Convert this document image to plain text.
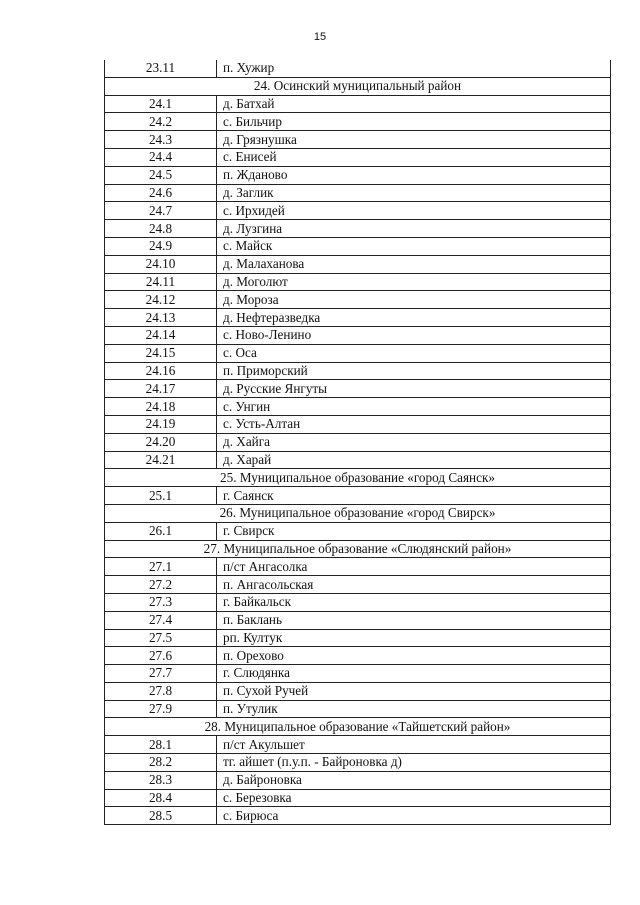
15
23.11	п. Хужир
24. Осинский муниципальный район	
24.1	д. Батхай
24.2	с. Бильчир
24.3	д. Грязнушка
24.4	с. Енисей
24.5	п. Жданово
24.6	д. Заглик
24.7	с. Ирхидей
24.8	д. Лузгина
24.9	с. Майск
24.10	д. Малаханова
24.11	д. Моголют
24.12	д. Мороза
24.13	д. Нефтеразведка
24.14	с. Ново-Ленино
24.15	с. Оса
24.16	п. Приморский
24.17	д. Русские Янгуты
24.18	с. Унгин
24.19	с. Усть-Алтан
24.20	д. Хайга
24.21	д. Харай
25. Муниципальное образование «город Саянск»	
25.1	г. Саянск
26. Муниципальное образование «город Свирск»	
26.1	г. Свирск
27. Муниципальное образование «Слюдянский район»	
27.1	п/ст Ангасолка
27.2	п. Ангасольская
27.3	г. Байкальск
27.4	п. Баклань
27.5	рп. Култук
27.6	п. Орехово
27.7	г. Слюдянка
27.8	п. Сухой Ручей
27.9	п. Утулик
28. Муниципальное образование «Тайшетский район»	
28.1	п/ст Акульшет
28.2	тг. айшет (п.у.п. - Байроновка д)
28.3	д. Байроновка
28.4	с. Березовка
28.5	с. Бирюса
